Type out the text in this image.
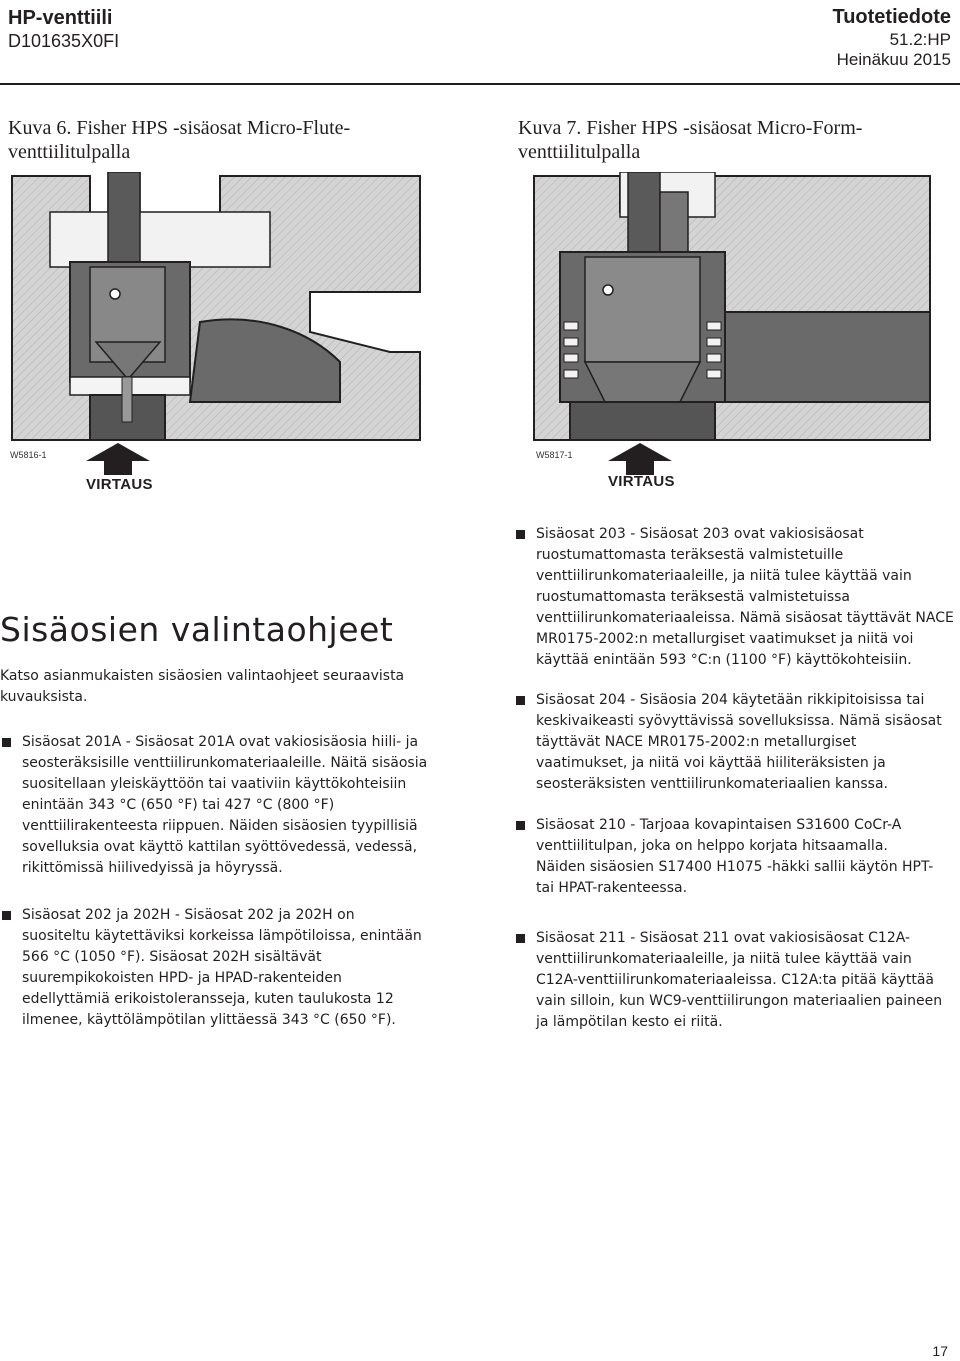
HP-venttiili
D101635X0FI
Tuotetiedote
51.2:HP
Heinäkuu 2015
Kuva 6. Fisher HPS -sisäosat Micro-Flute-
venttiilitulpalla
W5816-1
VIRTAUS
Kuva 7. Fisher HPS -sisäosat Micro-Form-
venttiilitulpalla
W5817-1
VIRTAUS
Sisäosien valintaohjeet
Katso asianmukaisten sisäosien valintaohjeet seuraavista kuvauksista.
Sisäosat 201A - Sisäosat 201A ovat vakiosisäosia hiili- ja seosteräksisille venttiilirunkomateriaaleille. Näitä sisäosia suositellaan yleiskäyttöön tai vaativiin käyttökohteisiin enintään 343 °C (650 °F) tai 427 °C (800 °F) venttiilirakenteesta riippuen. Näiden sisäosien tyypillisiä sovelluksia ovat käyttö kattilan syöttövedessä, vedessä, rikittömissä hiilivedyissä ja höyryssä.
Sisäosat 202 ja 202H - Sisäosat 202 ja 202H on suositeltu käytettäviksi korkeissa lämpötiloissa, enintään 566 °C (1050 °F). Sisäosat 202H sisältävät suurempikokoisten HPD- ja HPAD-rakenteiden edellyttämiä erikoistoleransseja, kuten taulukosta 12 ilmenee, käyttölämpötilan ylittäessä 343 °C (650 °F).
Sisäosat 203 - Sisäosat 203 ovat vakiosisäosat ruostumattomasta teräksestä valmistetuille venttiilirunkomateriaaleille, ja niitä tulee käyttää vain ruostumattomasta teräksestä valmistetuissa venttiilirunkomateriaaleissa. Nämä sisäosat täyttävät NACE MR0175-2002:n metallurgiset vaatimukset ja niitä voi käyttää enintään 593 °C:n (1100 °F) käyttökohteisiin.
Sisäosat 204 - Sisäosia 204 käytetään rikkipitoisissa tai keskivaikeasti syövyttävissä sovelluksissa. Nämä sisäosat täyttävät NACE MR0175-2002:n metallurgiset vaatimukset, ja niitä voi käyttää hiiliteräksisten ja seosteräksisten venttiilirunkomateriaalien kanssa.
Sisäosat 210 - Tarjoaa kovapintaisen S31600 CoCr-A venttiilitulpan, joka on helppo korjata hitsaamalla. Näiden sisäosien S17400 H1075 -häkki sallii käytön HPT- tai HPAT-rakenteessa.
Sisäosat 211 - Sisäosat 211 ovat vakiosisäosat C12A-venttiilirunkomateriaaleille, ja niitä tulee käyttää vain C12A-venttiilirunkomateriaaleissa. C12A:ta pitää käyttää vain silloin, kun WC9-venttiilirungon materiaalien paineen ja lämpötilan kesto ei riitä.
17
